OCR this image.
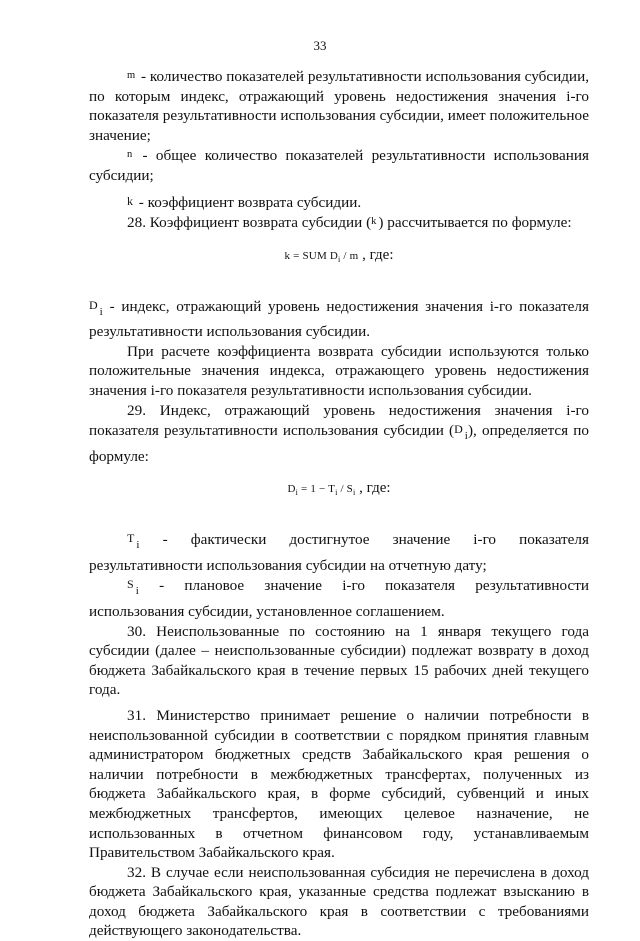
33

m - количество показателей результативности использования субсидии, по которым индекс, отражающий уровень недостижения значения i-го показателя результативности использования субсидии, имеет положительное значение;

n - общее количество показателей результативности использования субсидии;

k - коэффициент возврата субсидии.

28. Коэффициент возврата субсидии (k ) рассчитывается по формуле:

k = SUM $D_i$ / m , где:

$D_i$ - индекс, отражающий уровень недостижения значения i-го показателя результативности использования субсидии.

При расчете коэффициента возврата субсидии используются только положительные значения индекса, отражающего уровень недостижения значения i-го показателя результативности использования субсидии.

29. Индекс, отражающий уровень недостижения значения i-го показателя результативности использования субсидии $(D_i)$, определяется по формуле:

$D_i = 1 - T_i / S_i$ , где:

$T_i$ - фактически достигнутое значение i-го показателя результативности использования субсидии на отчетную дату;

$S_i$ - плановое значение i-го показателя результативности использования субсидии, установленное соглашением.

30. Неиспользованные по состоянию на 1 января текущего года субсидии (далее – неиспользованные субсидии) подлежат возврату в доход бюджета Забайкальского края в течение первых 15 рабочих дней текущего года.

31. Министерство принимает решение о наличии потребности в неиспользованной субсидии в соответствии с порядком принятия главным администратором бюджетных средств Забайкальского края решения о наличии потребности в межбюджетных трансфертах, полученных из бюджета Забайкальского края, в форме субсидий, субвенций и иных межбюджетных трансфертов, имеющих целевое назначение, не использованных в отчетном финансовом году, устанавливаемым Правительством Забайкальского края.

32. В случае если неиспользованная субсидия не перечислена в доход бюджета Забайкальского края, указанные средства подлежат взысканию в доход бюджета Забайкальского края в соответствии с требованиями действующего законодательства.
